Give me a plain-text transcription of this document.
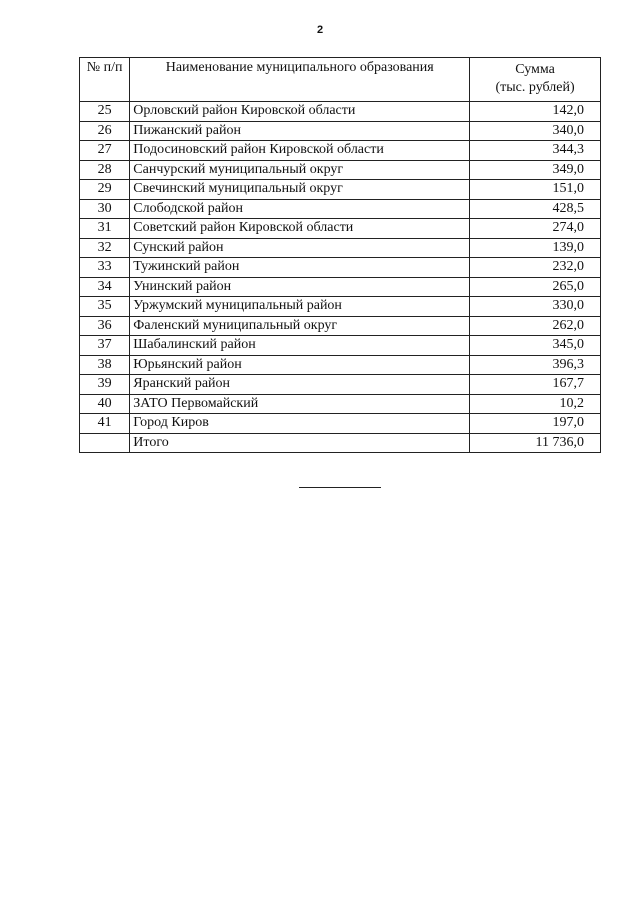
2
№ п/п	Наименование муниципального образования	Сумма
(тыс. рублей)

25	Орловский район Кировской области	142,0
26	Пижанский район	340,0
27	Подосиновский район Кировской области	344,3
28	Санчурский муниципальный округ	349,0
29	Свечинский муниципальный округ	151,0
30	Слободской район	428,5
31	Советский район Кировской области	274,0
32	Сунский район	139,0
33	Тужинский район	232,0
34	Унинский район	265,0
35	Уржумский муниципальный район	330,0
36	Фаленский муниципальный округ	262,0
37	Шабалинский район	345,0
38	Юрьянский район	396,3
39	Яранский район	167,7
40	ЗАТО Первомайский	10,2
41	Город Киров	197,0
	Итого	11 736,0
